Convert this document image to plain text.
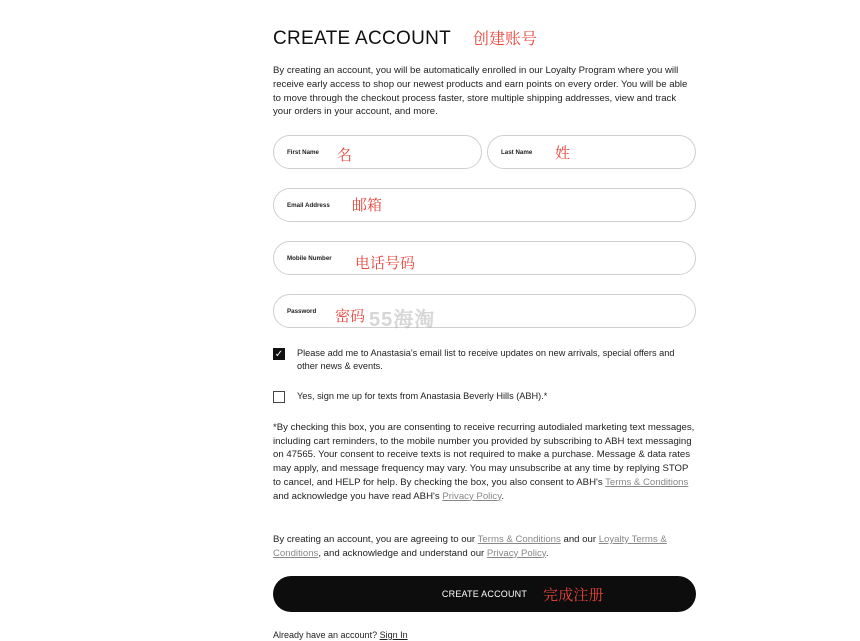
CREATE ACCOUNT 创建账号
By creating an account, you will be automatically enrolled in our Loyalty Program where you will receive early access to shop our newest products and earn points on every order. You will be able to move through the checkout process faster, store multiple shipping addresses, view and track your orders in your account, and more.
First Name 名	Last Name 姓
Email Address 邮箱
Mobile Number 电话号码
Password 密码 55海淘
✓ Please add me to Anastasia's email list to receive updates on new arrivals, special offers and other news & events.
Yes, sign me up for texts from Anastasia Beverly Hills (ABH).*
*By checking this box, you are consenting to receive recurring autodialed marketing text messages, including cart reminders, to the mobile number you provided by subscribing to ABH text messaging on 47565. Your consent to receive texts is not required to make a purchase. Message & data rates may apply, and message frequency may vary. You may unsubscribe at any time by replying STOP to cancel, and HELP for help. By checking the box, you also consent to ABH's Terms & Conditions and acknowledge you have read ABH's Privacy Policy.
By creating an account, you are agreeing to our Terms & Conditions and our Loyalty Terms & Conditions, and acknowledge and understand our Privacy Policy.
CREATE ACCOUNT 完成注册
Already have an account? Sign In
